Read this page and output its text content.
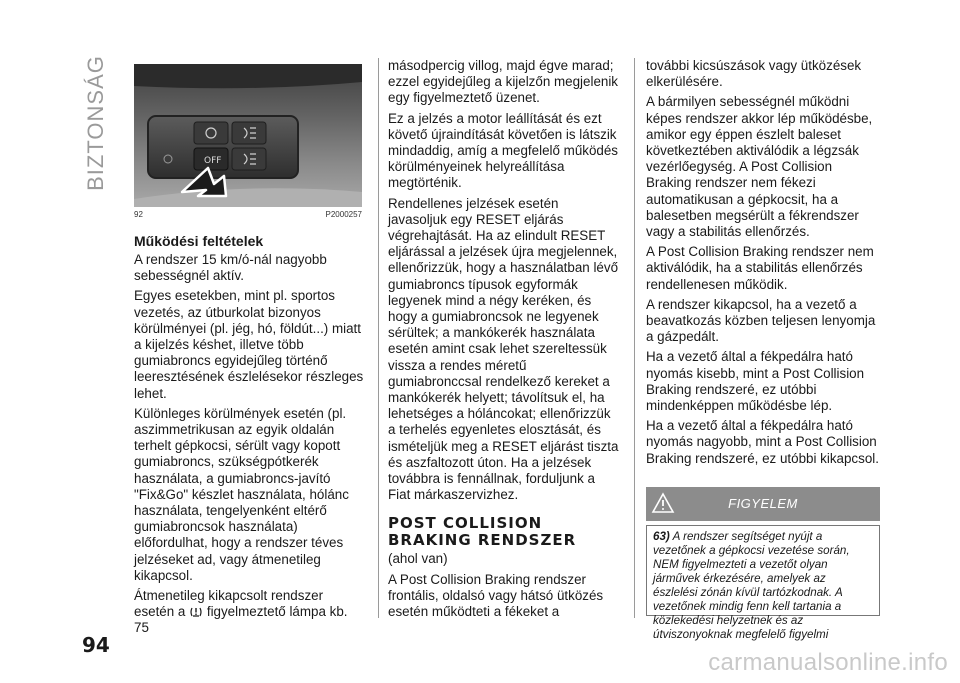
BIZTONSÁG	OFF
92	P2000257
Működési feltételek

A rendszer 15 km/ó-nál nagyobb sebességnél aktív.

Egyes esetekben, mint pl. sportos vezetés, az útburkolat bizonyos körülményei (pl. jég, hó, földút...) miatt a kijelzés késhet, illetve több gumiabroncs egyidejűleg történő leeresztésének észlelésekor részleges lehet.

Különleges körülmények esetén (pl. aszimmetrikusan az egyik oldalán terhelt gépkocsi, sérült vagy kopott gumiabroncs, szükségpótkerék használata, a gumiabroncs-javító "Fix&Go" készlet használata, hólánc használata, tengelyenként eltérő gumiabroncsok használata) előfordulhat, hogy a rendszer téves jelzéseket ad, vagy átmenetileg kikapcsol.

Átmenetileg kikapcsolt rendszer esetén a figyelmeztető lámpa kb. 75

másodpercig villog, majd égve marad; ezzel egyidejűleg a kijelzőn megjelenik egy figyelmeztető üzenet.

Ez a jelzés a motor leállítását és ezt követő újraindítását követően is látszik mindaddig, amíg a megfelelő működés körülményeinek helyreállítása megtörténik.

Rendellenes jelzések esetén javasoljuk egy RESET eljárás végrehajtását. Ha az elindult RESET eljárással a jelzések újra megjelennek, ellenőrizzük, hogy a használatban lévő gumiabroncs típusok egyformák legyenek mind a négy keréken, és hogy a gumiabroncsok ne legyenek sérültek; a mankókerék használata esetén amint csak lehet szereltessük vissza a rendes méretű gumiabronccsal rendelkező kereket a mankókerék helyett; távolítsuk el, ha lehetséges a hóláncokat; ellenőrizzük a terhelés egyenletes elosztását, és ismételjük meg a RESET eljárást tiszta és aszfaltozott úton. Ha a jelzések továbbra is fennállnak, forduljunk a Fiat márkaszervizhez.

POST COLLISION
BRAKING RENDSZER

(ahol van)

A Post Collision Braking rendszer frontális, oldalsó vagy hátsó ütközés esetén működteti a fékeket a

további kicsúszások vagy ütközések elkerülésére.

A bármilyen sebességnél működni képes rendszer akkor lép működésbe, amikor egy éppen észlelt baleset következtében aktiválódik a légzsák vezérlőegység. A Post Collision Braking rendszer nem fékezi automatikusan a gépkocsit, ha a balesetben megsérült a fékrendszer vagy a stabilitás ellenőrzés.

A Post Collision Braking rendszer nem aktiválódik, ha a stabilitás ellenőrzés rendellenesen működik.

A rendszer kikapcsol, ha a vezető a beavatkozás közben teljesen lenyomja a gázpedált.

Ha a vezető által a fékpedálra ható nyomás kisebb, mint a Post Collision Braking rendszeré, ez utóbbi mindenképpen működésbe lép.

Ha a vezető által a fékpedálra ható nyomás nagyobb, mint a Post Collision Braking rendszeré, ez utóbbi kikapcsol.

FIGYELEM
63) A rendszer segítséget nyújt a vezetőnek a gépkocsi vezetése során, NEM figyelmezteti a vezetőt olyan járművek érkezésére, amelyek az észlelési zónán kívül tartózkodnak. A vezetőnek mindig fenn kell tartania a közlekedési helyzetnek és az útviszonyoknak megfelelő figyelmi
94
carmanualsonline.info
